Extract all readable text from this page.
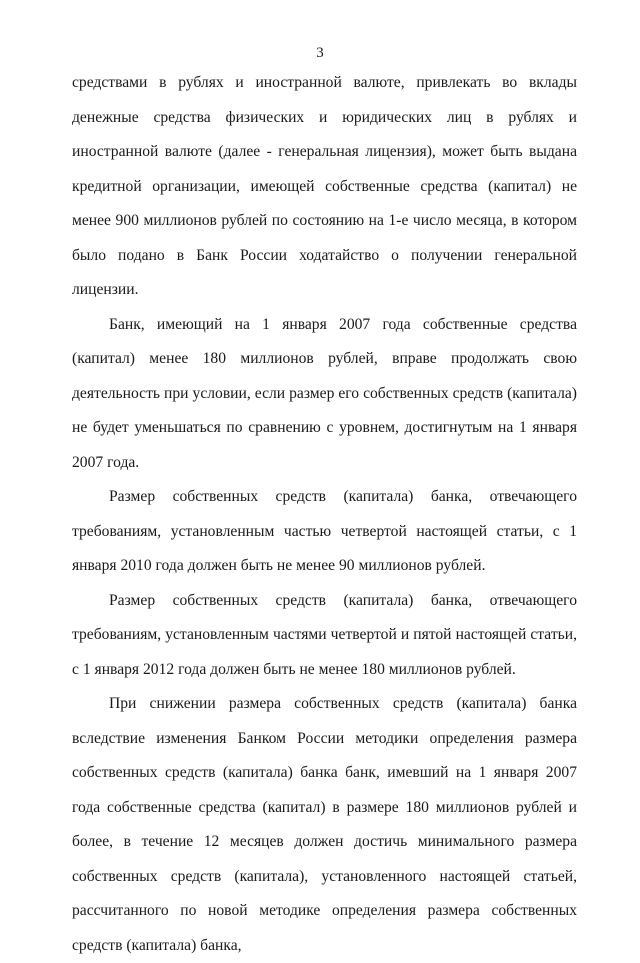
3

средствами в рублях и иностранной валюте, привлекать во вклады денежные средства физических и юридических лиц в рублях и иностранной валюте (далее - генеральная лицензия), может быть выдана кредитной организации, имеющей собственные средства (капитал) не менее 900 миллионов рублей по состоянию на 1-е число месяца, в котором было подано в Банк России ходатайство о получении генеральной лицензии.

Банк, имеющий на 1 января 2007 года собственные средства (капитал) менее 180 миллионов рублей, вправе продолжать свою деятельность при условии, если размер его собственных средств (капитала) не будет уменьшаться по сравнению с уровнем, достигнутым на 1 января 2007 года.

Размер собственных средств (капитала) банка, отвечающего требованиям, установленным частью четвертой настоящей статьи, с 1 января 2010 года должен быть не менее 90 миллионов рублей.

Размер собственных средств (капитала) банка, отвечающего требованиям, установленным частями четвертой и пятой настоящей статьи, с 1 января 2012 года должен быть не менее 180 миллионов рублей.

При снижении размера собственных средств (капитала) банка вследствие изменения Банком России методики определения размера собственных средств (капитала) банка банк, имевший на 1 января 2007 года собственные средства (капитал) в размере 180 миллионов рублей и более, в течение 12 месяцев должен достичь минимального размера собственных средств (капитала), установленного настоящей статьей, рассчитанного по новой методике определения размера собственных средств (капитала) банка,
